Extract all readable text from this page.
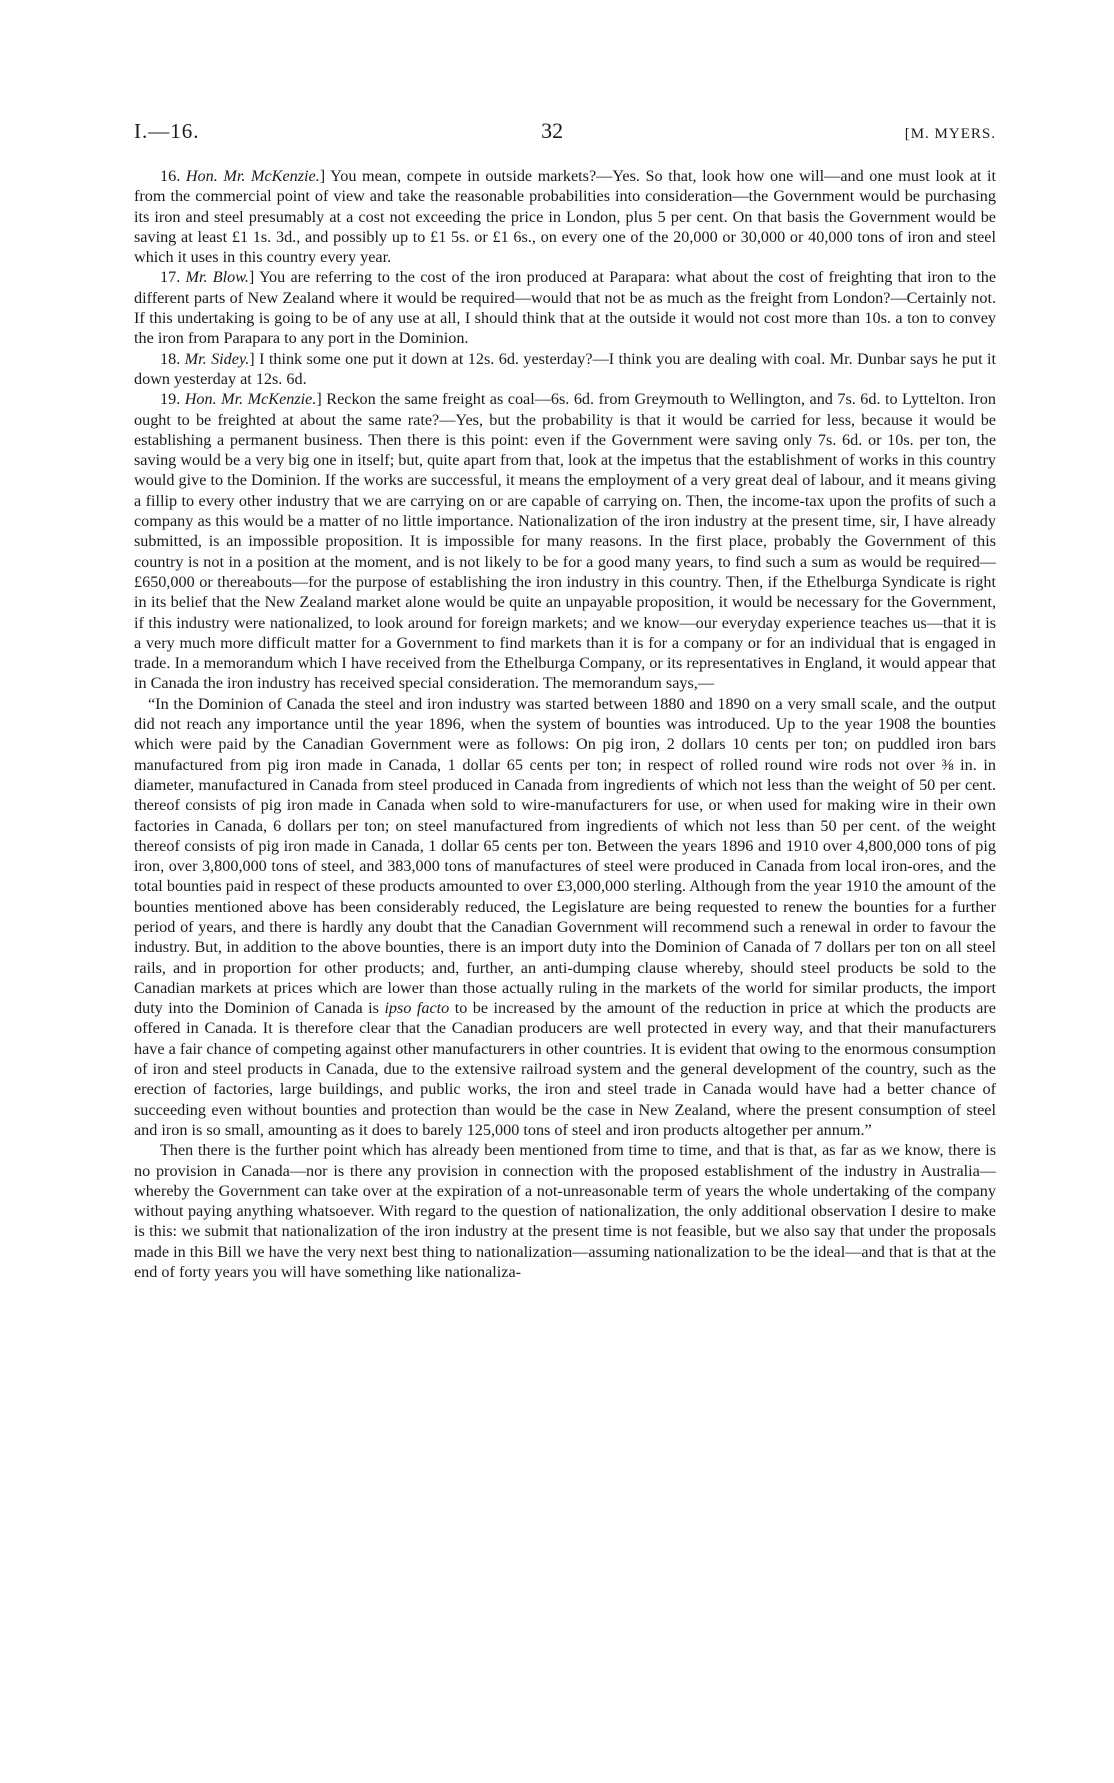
I.—16.	32	[M. MYERS.

16. Hon. Mr. McKenzie.] You mean, compete in outside markets?—Yes. So that, look how one will—and one must look at it from the commercial point of view and take the reasonable probabilities into consideration—the Government would be purchasing its iron and steel presumably at a cost not exceeding the price in London, plus 5 per cent. On that basis the Government would be saving at least £1 1s. 3d., and possibly up to £1 5s. or £1 6s., on every one of the 20,000 or 30,000 or 40,000 tons of iron and steel which it uses in this country every year.

17. Mr. Blow.] You are referring to the cost of the iron produced at Parapara: what about the cost of freighting that iron to the different parts of New Zealand where it would be required—would that not be as much as the freight from London?—Certainly not. If this undertaking is going to be of any use at all, I should think that at the outside it would not cost more than 10s. a ton to convey the iron from Parapara to any port in the Dominion.

18. Mr. Sidey.] I think some one put it down at 12s. 6d. yesterday?—I think you are dealing with coal. Mr. Dunbar says he put it down yesterday at 12s. 6d.

19. Hon. Mr. McKenzie.] Reckon the same freight as coal—6s. 6d. from Greymouth to Wellington, and 7s. 6d. to Lyttelton. Iron ought to be freighted at about the same rate?—Yes, but the probability is that it would be carried for less, because it would be establishing a permanent business. Then there is this point: even if the Government were saving only 7s. 6d. or 10s. per ton, the saving would be a very big one in itself; but, quite apart from that, look at the impetus that the establishment of works in this country would give to the Dominion. If the works are successful, it means the employment of a very great deal of labour, and it means giving a fillip to every other industry that we are carrying on or are capable of carrying on. Then, the income-tax upon the profits of such a company as this would be a matter of no little importance. Nationalization of the iron industry at the present time, sir, I have already submitted, is an impossible proposition. It is impossible for many reasons. In the first place, probably the Government of this country is not in a position at the moment, and is not likely to be for a good many years, to find such a sum as would be required—£650,000 or thereabouts—for the purpose of establishing the iron industry in this country. Then, if the Ethelburga Syndicate is right in its belief that the New Zealand market alone would be quite an unpayable proposition, it would be necessary for the Government, if this industry were nationalized, to look around for foreign markets; and we know—our everyday experience teaches us—that it is a very much more difficult matter for a Government to find markets than it is for a company or for an individual that is engaged in trade. In a memorandum which I have received from the Ethelburga Company, or its representatives in England, it would appear that in Canada the iron industry has received special consideration. The memorandum says,—

“In the Dominion of Canada the steel and iron industry was started between 1880 and 1890 on a very small scale, and the output did not reach any importance until the year 1896, when the system of bounties was introduced. Up to the year 1908 the bounties which were paid by the Canadian Government were as follows: On pig iron, 2 dollars 10 cents per ton; on puddled iron bars manufactured from pig iron made in Canada, 1 dollar 65 cents per ton; in respect of rolled round wire rods not over ⅜ in. in diameter, manufactured in Canada from steel produced in Canada from ingredients of which not less than the weight of 50 per cent. thereof consists of pig iron made in Canada when sold to wire-manufacturers for use, or when used for making wire in their own factories in Canada, 6 dollars per ton; on steel manufactured from ingredients of which not less than 50 per cent. of the weight thereof consists of pig iron made in Canada, 1 dollar 65 cents per ton. Between the years 1896 and 1910 over 4,800,000 tons of pig iron, over 3,800,000 tons of steel, and 383,000 tons of manufactures of steel were produced in Canada from local iron-ores, and the total bounties paid in respect of these products amounted to over £3,000,000 sterling. Although from the year 1910 the amount of the bounties mentioned above has been considerably reduced, the Legislature are being requested to renew the bounties for a further period of years, and there is hardly any doubt that the Canadian Government will recommend such a renewal in order to favour the industry. But, in addition to the above bounties, there is an import duty into the Dominion of Canada of 7 dollars per ton on all steel rails, and in proportion for other products; and, further, an anti-dumping clause whereby, should steel products be sold to the Canadian markets at prices which are lower than those actually ruling in the markets of the world for similar products, the import duty into the Dominion of Canada is ipso facto to be increased by the amount of the reduction in price at which the products are offered in Canada. It is therefore clear that the Canadian producers are well protected in every way, and that their manufacturers have a fair chance of competing against other manufacturers in other countries. It is evident that owing to the enormous consumption of iron and steel products in Canada, due to the extensive railroad system and the general development of the country, such as the erection of factories, large buildings, and public works, the iron and steel trade in Canada would have had a better chance of succeeding even without bounties and protection than would be the case in New Zealand, where the present consumption of steel and iron is so small, amounting as it does to barely 125,000 tons of steel and iron products altogether per annum.”

Then there is the further point which has already been mentioned from time to time, and that is that, as far as we know, there is no provision in Canada—nor is there any provision in connection with the proposed establishment of the industry in Australia—whereby the Government can take over at the expiration of a not-unreasonable term of years the whole undertaking of the company without paying anything whatsoever. With regard to the question of nationalization, the only additional observation I desire to make is this: we submit that nationalization of the iron industry at the present time is not feasible, but we also say that under the proposals made in this Bill we have the very next best thing to nationalization—assuming nationalization to be the ideal—and that is that at the end of forty years you will have something like nationaliza-
